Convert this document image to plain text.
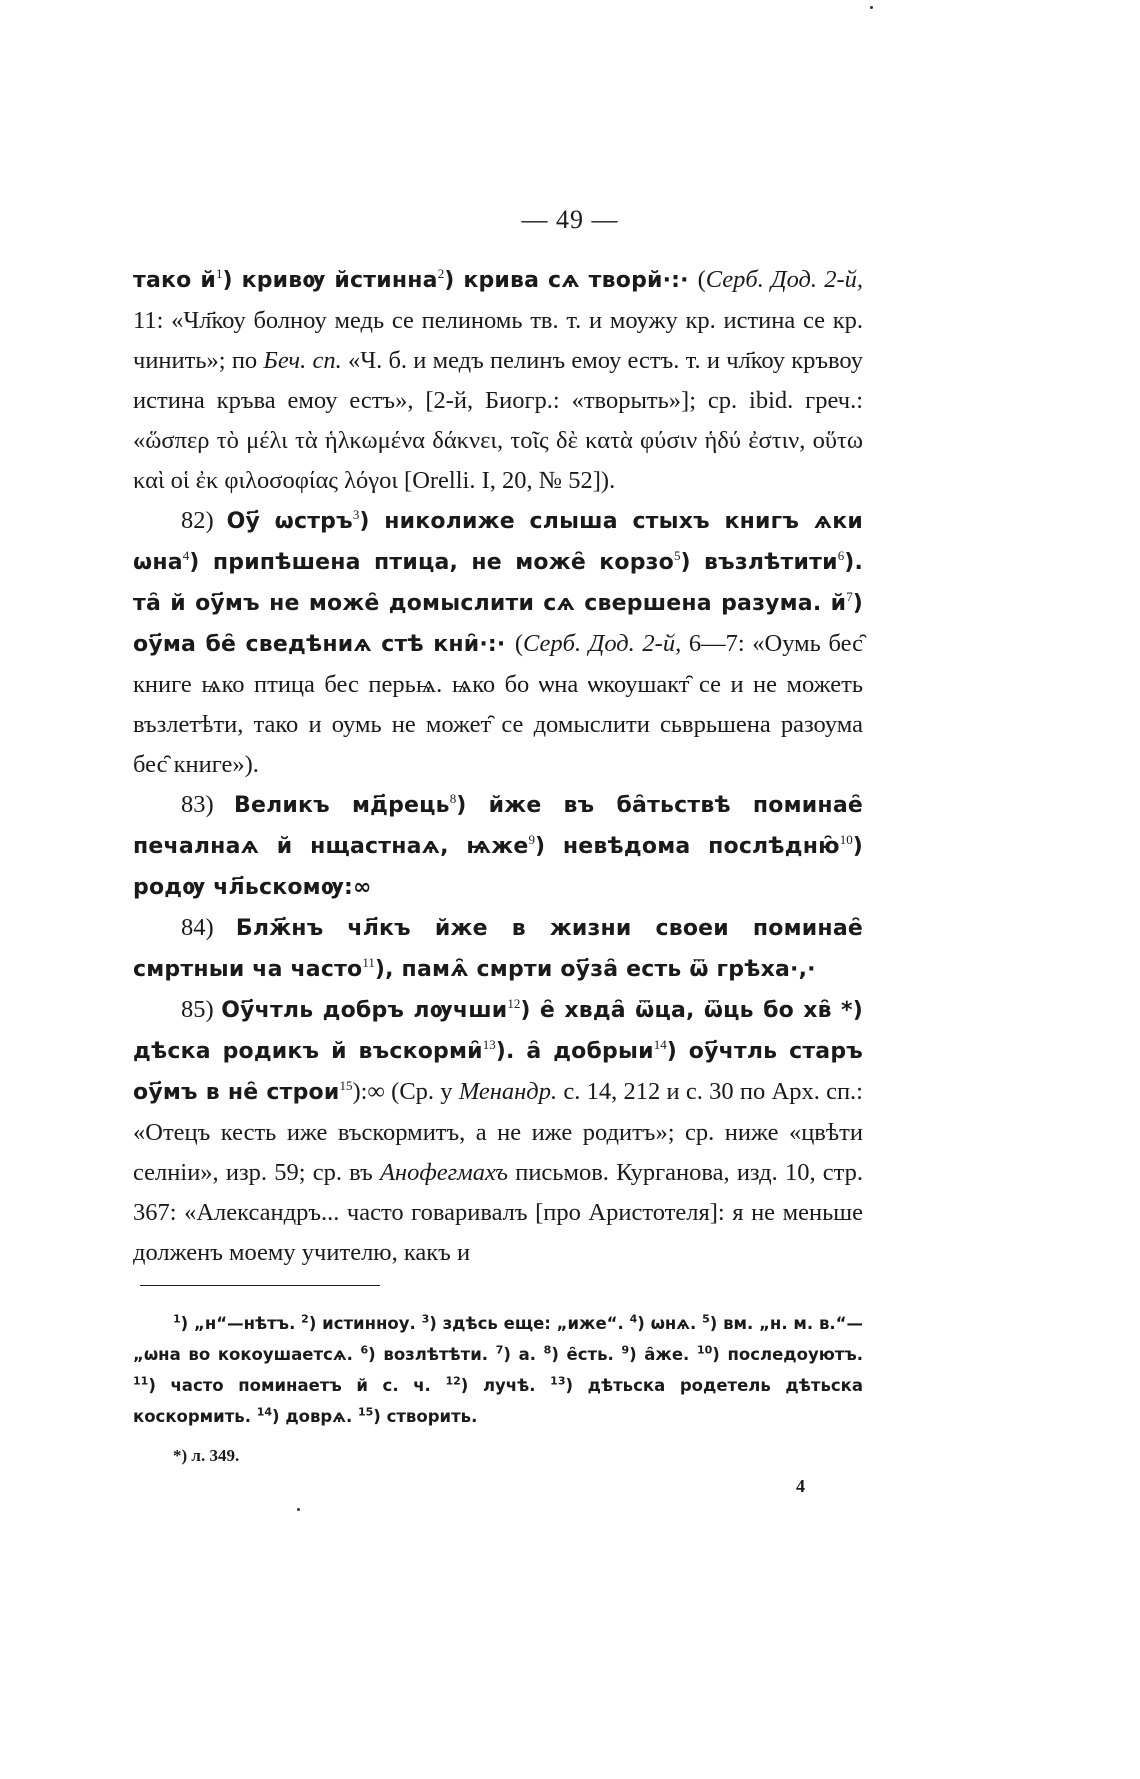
— 49 —

тако $й^1$) кривѹ йстинна$^2$) крива сѧ творй·:· (Серб. Дод. 2-й, 11: «Чл҃коу болноу медь се пелиномь тв. т. и моужу кр. истина се кр. чинить»; по Беч. сп. «Ч. б. и медъ пелинъ емоу естъ. т. и чл҃коу кръвоу истина кръва емоу естъ», [2-й, Биогр.: «творыть»]; ср. ibid. греч.: «ὥσπερ τὸ μέλι τὰ ἡλκωμένα δάκνει, τοῖς δὲ κατὰ φύσιν ἡδύ ἐστιν, οὕτω καὶ οἱ ἐκ φιλοσοφίας λόγοι [Orelli. I, 20, № 52]).

82) Оу҃ ѡстръ$^3$) николиже слыша стыхъ книгъ ѧки ѡна$^4$) припѣшена птица, не може̑ корзо$^5$) възлѣтити$^6$). та̑ й оу҃мъ не може̑ домыслити сѧ свершена разума. $й^7$) оу҃ма бе̑ сведѣниѧ стѣ кни̑·:· (Серб. Дод. 2-й, 6—7: «Оумь бес̑ книге ѩко птица бес перьѩ. ѩко бо ѡна ѡкоушакт̑ се и не можеть възлетѣти, тако и оумь не может̑ се домыслити сьврьшена разоума бес̑ книге»).

83) Великъ мд҃рець$^8$) йже въ ба̑тьствѣ поминае̑ печалнаѧ й нщастнаѧ, ѩже$^9$) невѣдома послѣдню̑$^{10}$) родѹ чл҃ьскомѹ:∞

84) Блж҃нъ чл҃къ йже в жизни своеи поминае̑ смртныи ча часто$^{11}$), памѧ̑ смрти оу҃за̑ есть ѿ грѣха·,·

85) Оу҃чтль добръ лѹчши$^{12}$) е̑ хвда̑ ѿца, ѿць бо хв̑ *) дѣска родикъ й въскорми̑$^{13}$). а̑ добрыи$^{14}$) оу҃чтль старъ оу҃мъ в не̑ строи$^{15}$):∞ (Ср. у Менандр. с. 14, 212 и с. 30 по Арх. сп.: «Отецъ кесть иже въскормитъ, а не иже родитъ»; ср. ниже «цвѣти селніи», изр. 59; ср. въ Анофегмахъ письмов. Курганова, изд. 10, стр. 367: «Александръ... часто говаривалъ [про Аристотеля]: я не меньше долженъ моему учителю, какъ и

$^1$) „н“—нѣтъ. $^2$) истинноу. $^3$) здѣсь еще: „иже“. $^4$) ѡнѧ. $^5$) вм. „н. м. в.“—„ѡна во кокоушаетсѧ. $^6$) возлѣтѣти. $^7$) а. $^8$) е̑сть. $^9$) а̑же. $^{10}$) последоуютъ. $^{11}$) часто поминаетъ й с. ч. $^{12}$) лучѣ. $^{13}$) дѣтьска родетель дѣтьска коскормить. $^{14}$) доврѧ. $^{15}$) створить.

*) л. 349.
4
